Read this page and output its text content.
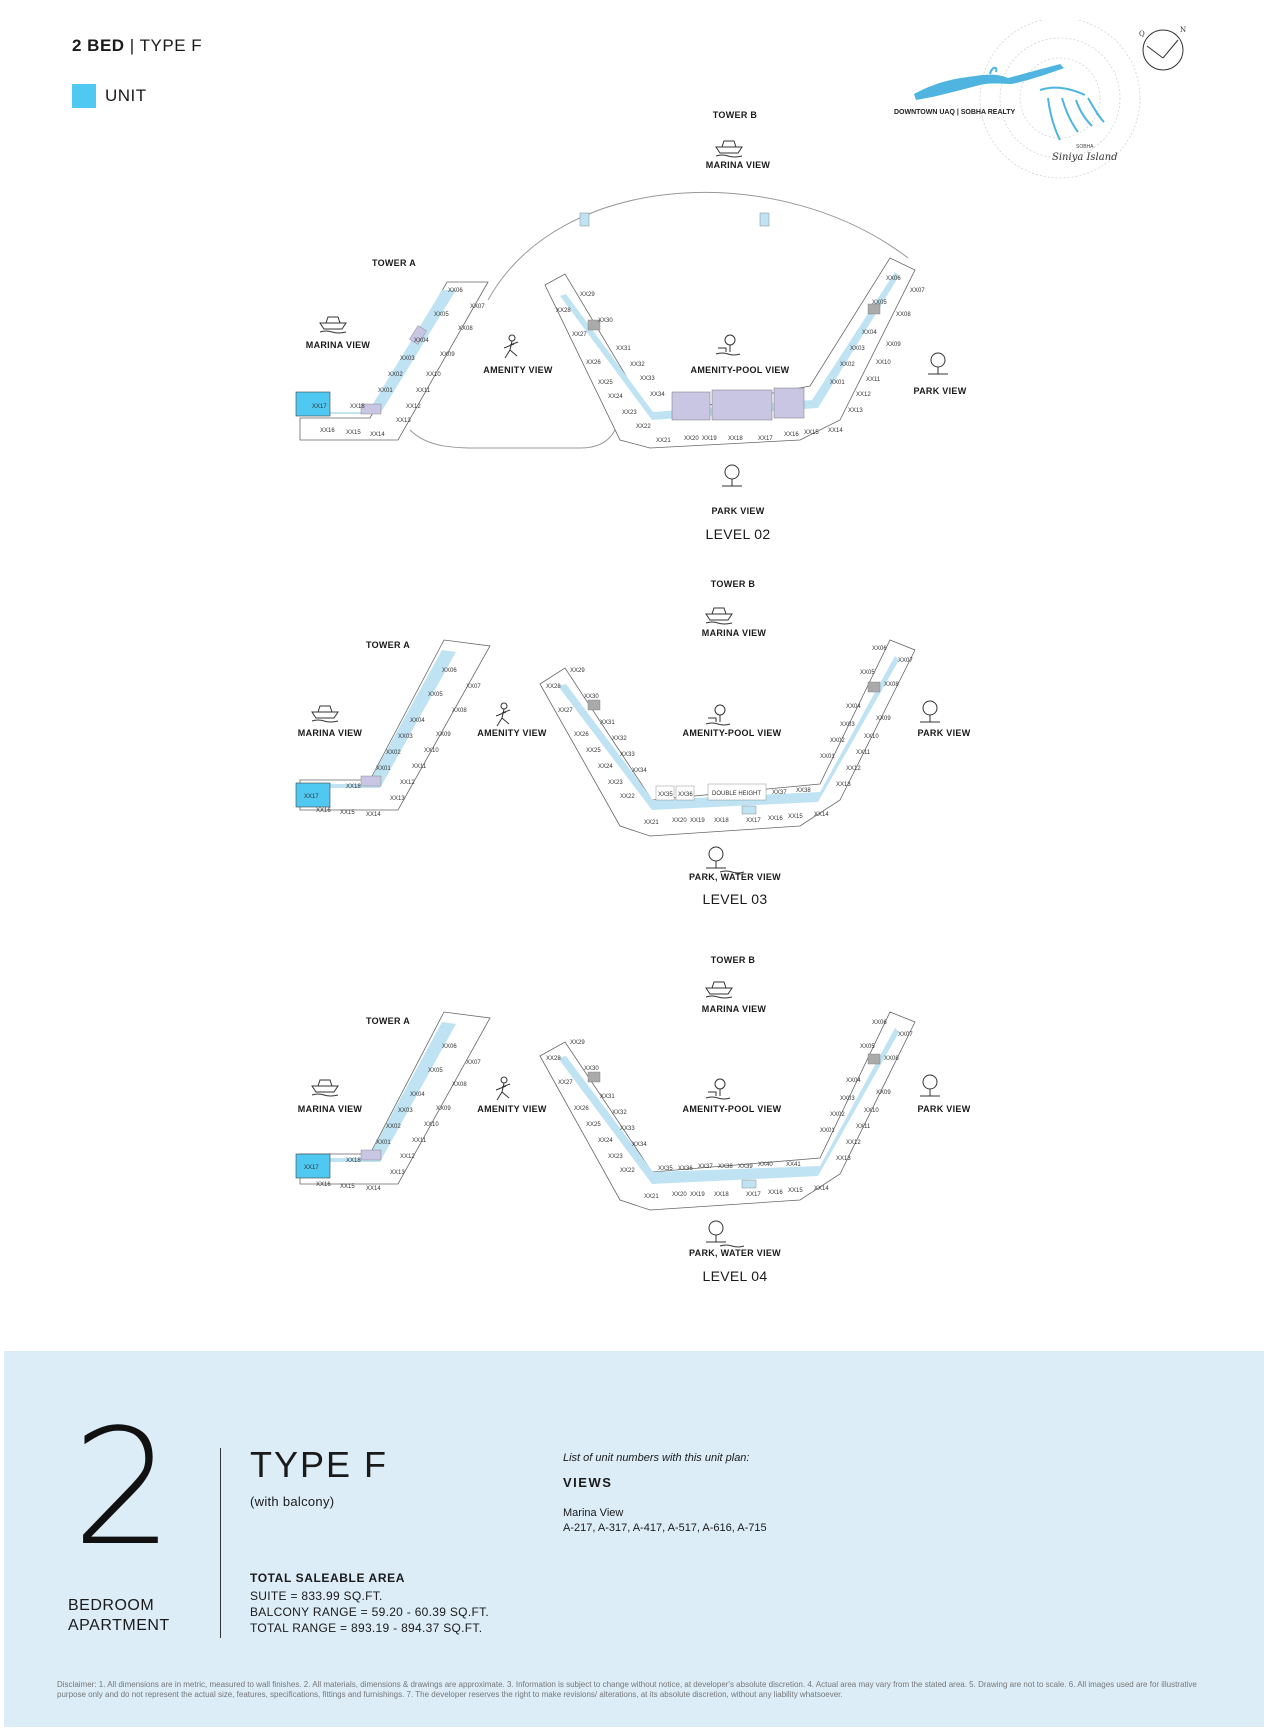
2 BED | TYPE F
UNIT
DOWNTOWN UAQ | SOBHA REALTY
SOBHA
Siniya Island
Q	N
XX06
XX07
XX05
XX08
XX04
XX09
XX03
XX10
XX02
XX11
XX01
XX12
XX13
XX14
XX15
XX16
XX18
XX17
XX29
XX28
XX30
XX27
XX31
XX26	XX32
XX33
XX25
XX24	XX34
XX23
XX22
XX21 XX20 XX19 XX18	XX17
XX16 XX15 XX14
XX13
XX12
XX11
XX01
XX10
XX02
XX09
XX03
XX08
XX04
XX05
XX07
XX06
TOWER B
MARINA VIEW
TOWER A
MARINA VIEW
AMENITY VIEW	AMENITY-POOL VIEW
PARK VIEW
PARK VIEW
LEVEL 02
DOUBLE HEIGHT
XX06
XX07
XX05
XX08
XX04
XX09
XX03
XX10
XX02
XX11
XX01
XX12
XX13
XX14
XX15
XX16
XX18
XX17
XX29
XX28
XX30
XX27
XX31
XX26
XX32
XX25
XX33
XX24
XX34
XX23
XX22	XX35 XX36	XX37 XX38
XX21 XX20 XX19 XX18	XX17 XX16 XX15 XX14
XX13
XX12
XX11
XX01
XX10
XX02
XX09
XX03
XX04
XX08
XX05
XX07
XX06
TOWER B
MARINA VIEW
TOWER A
MARINA VIEW	AMENITY VIEW	AMENITY-POOL VIEW	PARK VIEW
PARK, WATER VIEW
LEVEL 03
XX06
XX07
XX05
XX08
XX04
XX09
XX03
XX10
XX02
XX11
XX01
XX12
XX13
XX14
XX15
XX16
XX18
XX17
XX29
XX28
XX30
XX27
XX31
XX26
XX32
XX25
XX33
XX24
XX34
XX23
XX22	XX35 XX36 XX37 XX38 XX39 XX40 XX41
XX21 XX20 XX19 XX18	XX17 XX16 XX15 XX14
XX13
XX12
XX11
XX01
XX10
XX02
XX09
XX03
XX04
XX08
XX05
XX07
XX06
TOWER B
MARINA VIEW
TOWER A
MARINA VIEW	AMENITY VIEW	AMENITY-POOL VIEW	PARK VIEW
PARK, WATER VIEW
LEVEL 04
2
BEDROOM
APARTMENT
TYPE F
(with balcony)
TOTAL SALEABLE AREA
SUITE = 833.99 SQ.FT.
BALCONY RANGE = 59.20 - 60.39 SQ.FT.
TOTAL RANGE = 893.19 - 894.37 SQ.FT.
List of unit numbers with this unit plan:
VIEWS
Marina View
A-217, A-317, A-417, A-517, A-616, A-715
Disclaimer: 1. All dimensions are in metric, measured to wall finishes. 2. All materials, dimensions & drawings are approximate. 3. Information is subject to change without notice, at developer's absolute discretion. 4. Actual area may vary from the stated area. 5. Drawing are not to scale. 6. All images used are for illustrative purpose only and do not represent the actual size, features, specifications, fittings and furnishings. 7. The developer reserves the right to make revisions/ alterations, at its absolute discretion, without any liability whatsoever.
